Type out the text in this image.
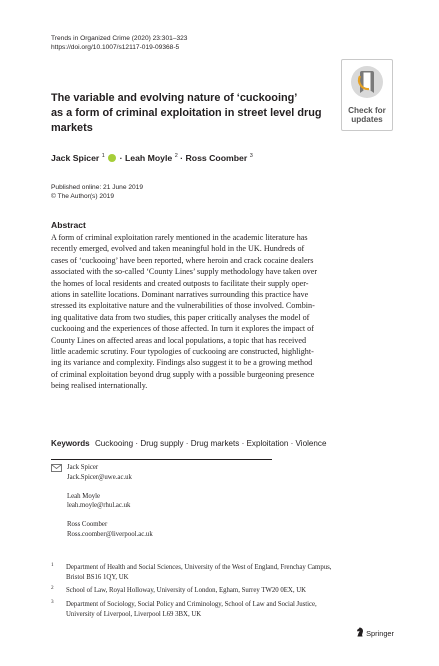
Trends in Organized Crime (2020) 23:301–323
https://doi.org/10.1007/s12117-019-09368-5
Check for
updates
The variable and evolving nature of ‘cuckooing’
as a form of criminal exploitation in street level drug
markets
Jack Spicer $^1$  · Leah Moyle $^2$ · Ross Coomber $^3$
Published online: 21 June 2019
© The Author(s) 2019
Abstract
A form of criminal exploitation rarely mentioned in the academic literature has
recently emerged, evolved and taken meaningful hold in the UK. Hundreds of
cases of ‘cuckooing’ have been reported, where heroin and crack cocaine dealers
associated with the so-called ‘County Lines’ supply methodology have taken over
the homes of local residents and created outposts to facilitate their supply oper-
ations in satellite locations. Dominant narratives surrounding this practice have
stressed its exploitative nature and the vulnerabilities of those involved. Combin-
ing qualitative data from two studies, this paper critically analyses the model of
cuckooing and the experiences of those affected. In turn it explores the impact of
County Lines on affected areas and local populations, a topic that has received
little academic scrutiny. Four typologies of cuckooing are constructed, highlight-
ing its variance and complexity. Findings also suggest it to be a growing method
of criminal exploitation beyond drug supply with a possible burgeoning presence
being realised internationally.
Keywords Cuckooing · Drug supply · Drug markets · Exploitation · Violence
Jack Spicer
Jack.Spicer@uwe.ac.uk
Leah Moyle
leah.moyle@rhul.ac.uk
Ross Coomber
Ross.coomber@liverpool.ac.uk
1 Department of Health and Social Sciences, University of the West of England, Frenchay Campus,
Bristol BS16 1QY, UK
2 School of Law, Royal Holloway, University of London, Egham, Surrey TW20 0EX, UK
3 Department of Sociology, Social Policy and Criminology, School of Law and Social Justice,
University of Liverpool, Liverpool L69 3BX, UK
Springer
